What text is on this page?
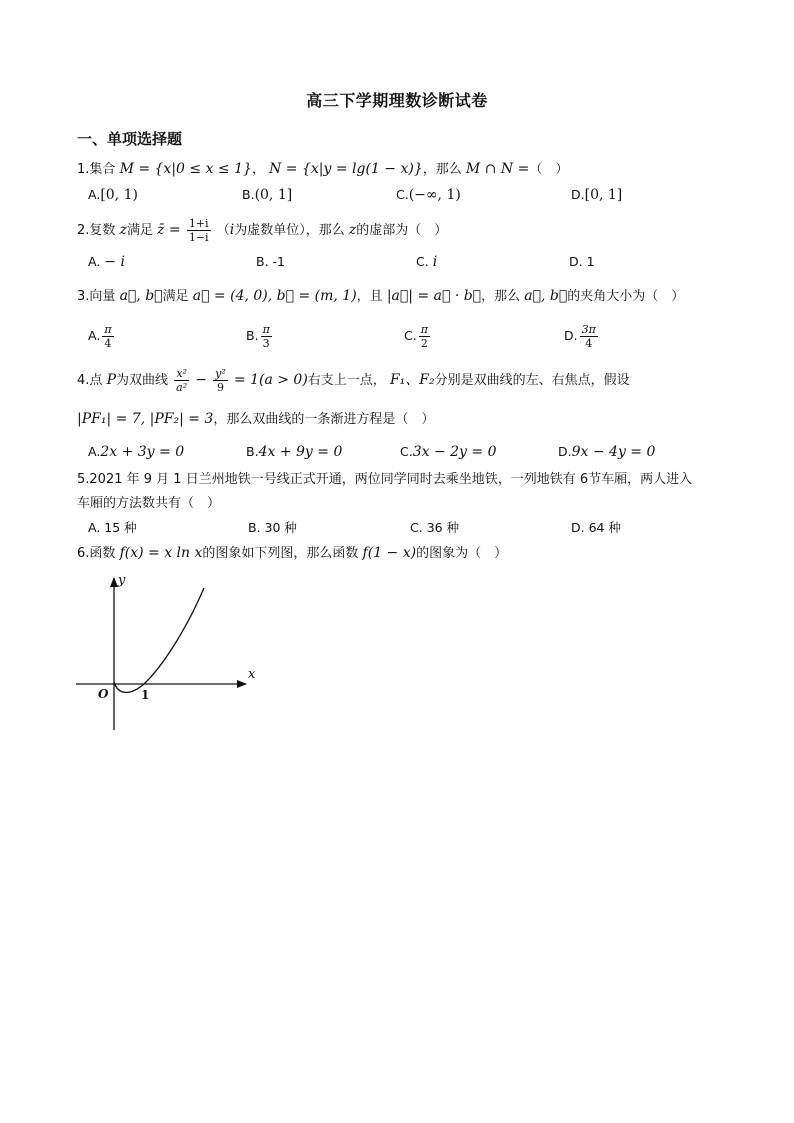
高三下学期理数诊断试卷
一、单项选择题
1.集合 M = {x|0 ≤ x ≤ 1}， N = {x|y = lg(1 − x)}，那么 M ∩ N =（　）
A.[0, 1)	B.(0, 1]	C.(−∞, 1)	D.[0, 1]
2.复数 z满足 z̄ = $\frac{1+i}{1-i} (i$为虚数单位），那么 z的虚部为（　）
A. − i	B. -1	C. i	D. 1
3.向量 a⃗, b⃗满足 a⃗ = (4, 0), b⃗ = (m, 1)，且 |a⃗| = a⃗ · b⃗，那么 a⃗, b⃗的夹角大小为（　）
A. $\frac{\pi}{4}$	B. $\frac{\pi}{3}$	C. $\frac{\pi}{2}$	D. $\frac{3\pi}{4}$
4.点 P为双曲线 $\frac{\text{x²}}{\text{a²}} - \frac{\text{y²}}{9} = 1(a > 0)$右支上一点， F₁、F₂分别是双曲线的左、右焦点，假设
|PF₁| = 7, |PF₂| = 3，那么双曲线的一条渐进方程是（　）
A.2x + 3y = 0	B.4x + 9y = 0	C.3x − 2y = 0	D.9x − 4y = 0
5.2021 年 9 月 1 日兰州地铁一号线正式开通，两位同学同时去乘坐地铁，一列地铁有 6节车厢，两人进入
车厢的方法数共有（　）
A. 15 种	B. 30 种	C. 36 种	D. 64 种
6.函数 f(x) = x ln x的图象如下列图，那么函数 f(1 − x)的图象为（　）
x
y
O	1
